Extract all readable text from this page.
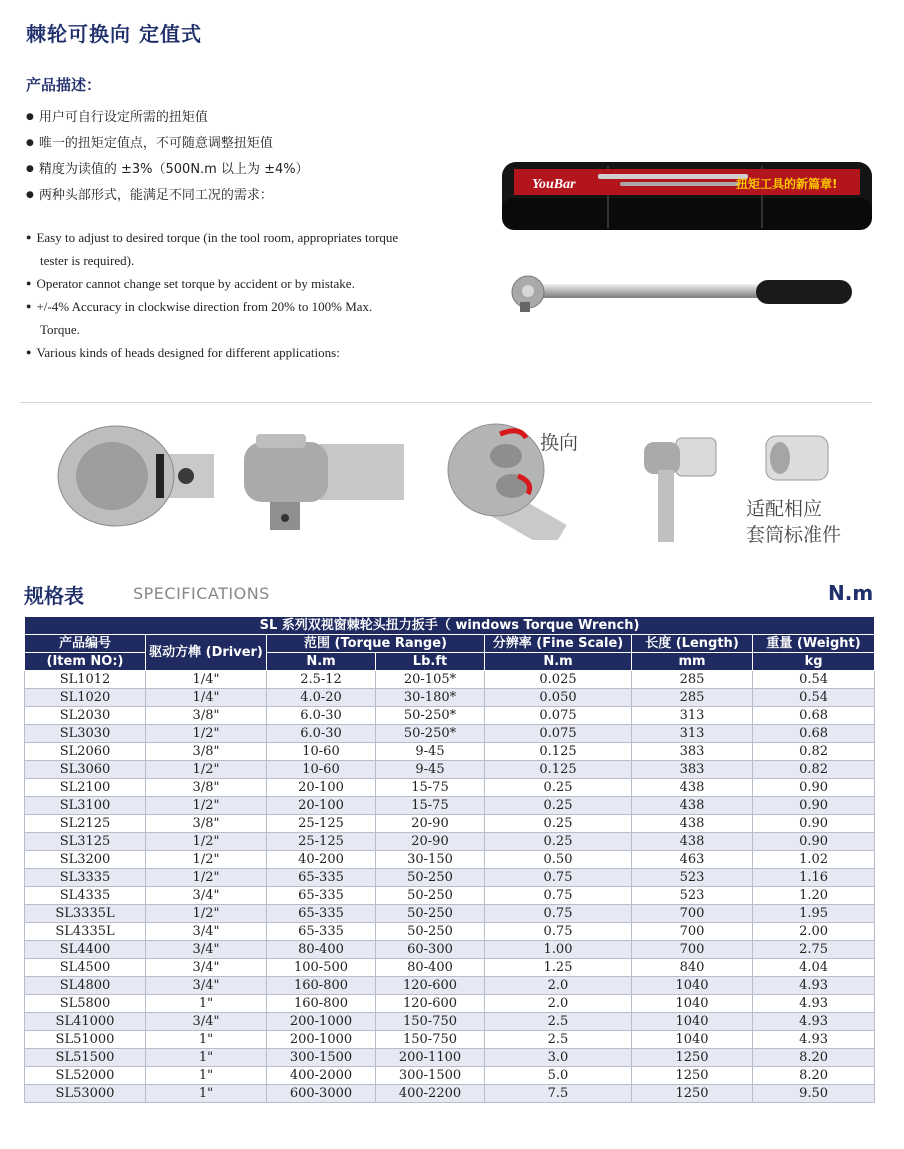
棘轮可换向 定值式
产品描述：
● 用户可自行设定所需的扭矩值
● 唯一的扭矩定值点，不可随意调整扭矩值
● 精度为读值的 ±3%（500N.m 以上为 ±4%）
● 两种头部形式，能满足不同工况的需求：
● Easy to adjust to desired torque (in the tool room, appropriates torque
tester is required).
● Operator cannot change set torque by accident or by mistake.
● +/-4% Accuracy in clockwise direction from 20% to 100% Max.
Torque.
● Various kinds of heads designed for different applications:
YouBar	扭矩工具的新篇章!
换向
适配相应
套筒标准件
规格表	SPECIFICATIONS	N.m
SL 系列双视窗棘轮头扭力扳手（ windows Torque Wrench)						
产品编号	驱动方榫 (Driver)	范围 (Torque Range)		分辨率 (Fine Scale)	长度 (Length)	重量 (Weight)
(Item NO:)		N.m	Lb.ft	N.m	mm	kg
SL1012	1/4"	2.5-12	20-105*	0.025	285	0.54
SL1020	1/4"	4.0-20	30-180*	0.050	285	0.54
SL2030	3/8"	6.0-30	50-250*	0.075	313	0.68
SL3030	1/2"	6.0-30	50-250*	0.075	313	0.68
SL2060	3/8"	10-60	9-45	0.125	383	0.82
SL3060	1/2"	10-60	9-45	0.125	383	0.82
SL2100	3/8"	20-100	15-75	0.25	438	0.90
SL3100	1/2"	20-100	15-75	0.25	438	0.90
SL2125	3/8"	25-125	20-90	0.25	438	0.90
SL3125	1/2"	25-125	20-90	0.25	438	0.90
SL3200	1/2"	40-200	30-150	0.50	463	1.02
SL3335	1/2"	65-335	50-250	0.75	523	1.16
SL4335	3/4"	65-335	50-250	0.75	523	1.20
SL3335L	1/2"	65-335	50-250	0.75	700	1.95
SL4335L	3/4"	65-335	50-250	0.75	700	2.00
SL4400	3/4"	80-400	60-300	1.00	700	2.75
SL4500	3/4"	100-500	80-400	1.25	840	4.04
SL4800	3/4"	160-800	120-600	2.0	1040	4.93
SL5800	1"	160-800	120-600	2.0	1040	4.93
SL41000	3/4"	200-1000	150-750	2.5	1040	4.93
SL51000	1"	200-1000	150-750	2.5	1040	4.93
SL51500	1"	300-1500	200-1100	3.0	1250	8.20
SL52000	1"	400-2000	300-1500	5.0	1250	8.20
SL53000	1"	600-3000	400-2200	7.5	1250	9.50
